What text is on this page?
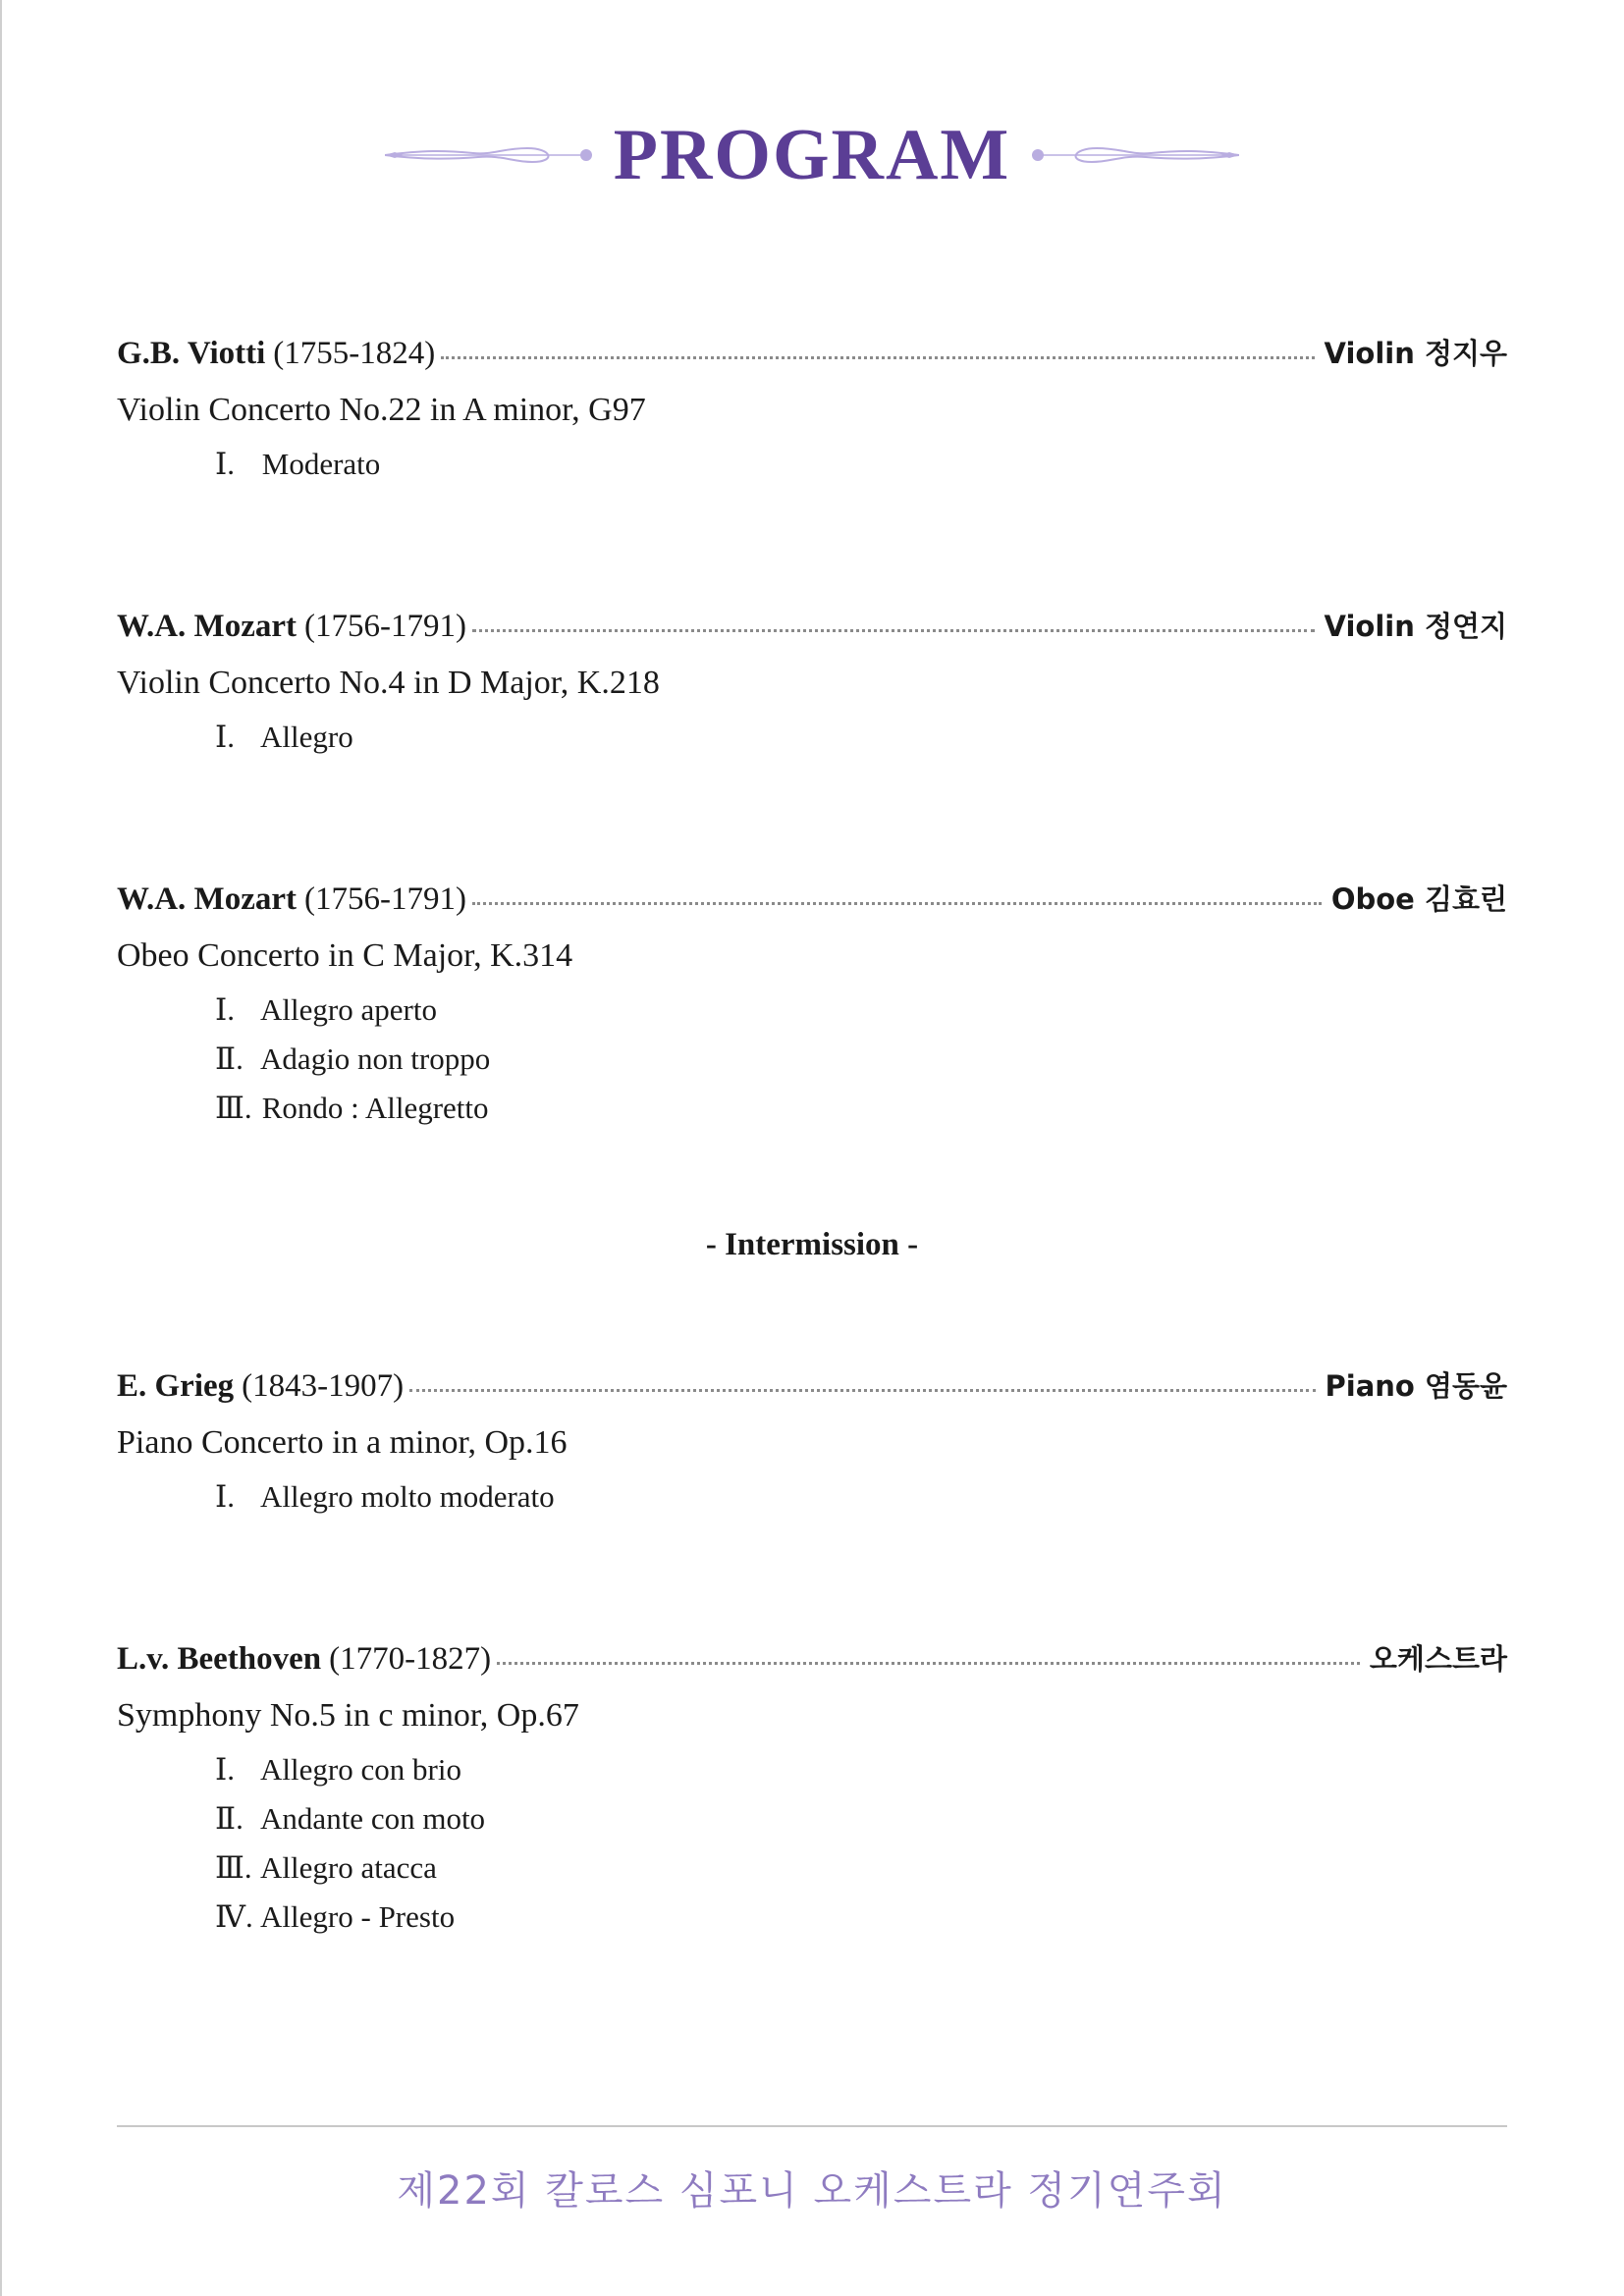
PROGRAM
G.B. Viotti (1755-1824)	Violin 정지우
Violin Concerto No.22 in A minor, G97
Ⅰ. Moderato
W.A. Mozart (1756-1791)	Violin 정연지
Violin Concerto No.4 in D Major, K.218
Ⅰ. Allegro
W.A. Mozart (1756-1791)	Oboe 김효린
Obeo Concerto in C Major, K.314
Ⅰ. Allegro aperto
Ⅱ. Adagio non troppo
Ⅲ. Rondo : Allegretto
- Intermission -
E. Grieg (1843-1907)	Piano 염동윤
Piano Concerto in a minor, Op.16
Ⅰ. Allegro molto moderato
L.v. Beethoven (1770-1827)	오케스트라
Symphony No.5 in c minor, Op.67
Ⅰ. Allegro con brio
Ⅱ. Andante con moto
Ⅲ. Allegro atacca
Ⅳ. Allegro - Presto
제22회 칼로스 심포니 오케스트라 정기연주회
